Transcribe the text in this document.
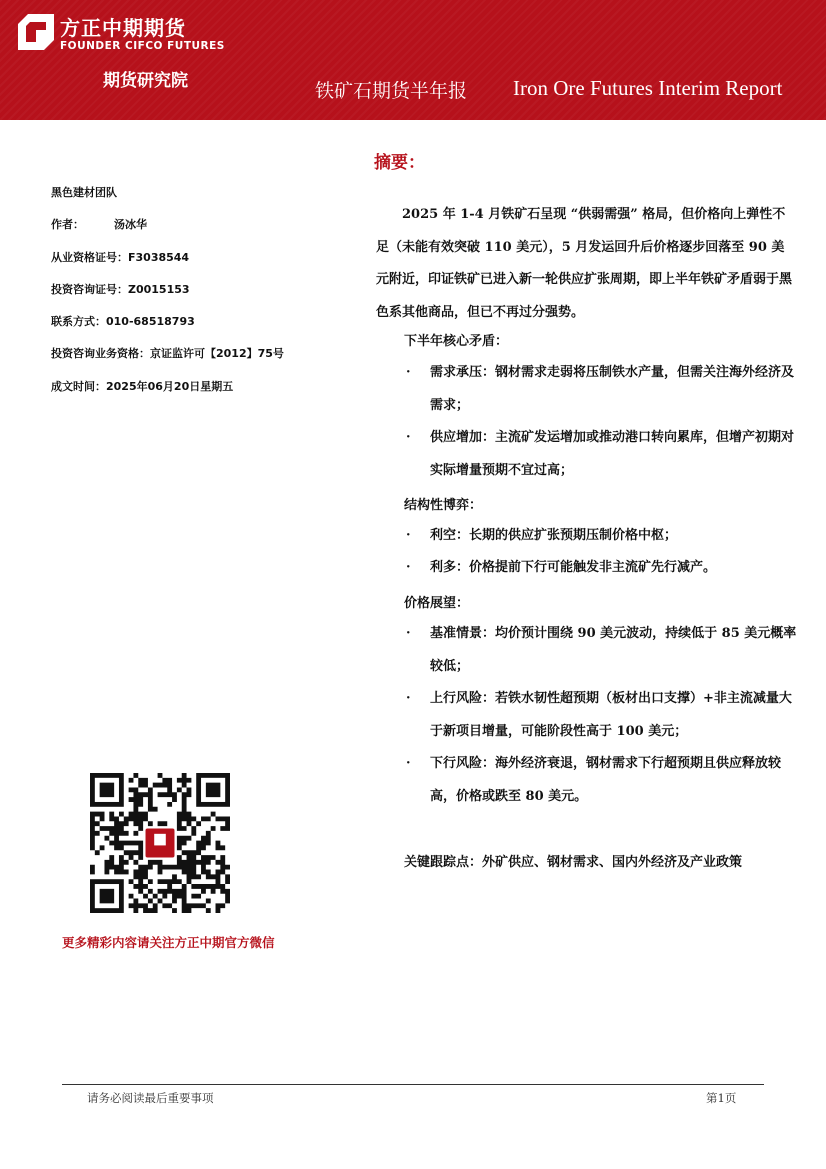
方正中期期货
FOUNDER CIFCO FUTURES
期货研究院	铁矿石期货半年报 Iron Ore Futures Interim Report
黑色建材团队
作者：	汤冰华
从业资格证号：F3038544
投资咨询证号：Z0015153
联系方式：010-68518793
投资咨询业务资格：京证监许可【2012】75号
成文时间：2025年06月20日星期五
更多精彩内容请关注方正中期官方微信
摘要：
2025 年 1-4 月铁矿石呈现 “供弱需强” 格局，但价格向上弹性不足（未能有效突破 110 美元），5 月发运回升后价格逐步回落至 90 美元附近，印证铁矿已进入新一轮供应扩张周期，即上半年铁矿矛盾弱于黑色系其他商品，但已不再过分强势。
下半年核心矛盾：
· 需求承压：钢材需求走弱将压制铁水产量，但需关注海外经济及需求；
· 供应增加：主流矿发运增加或推动港口转向累库，但增产初期对实际增量预期不宜过高；
结构性博弈：
· 利空：长期的供应扩张预期压制价格中枢；
· 利多：价格提前下行可能触发非主流矿先行减产。
价格展望：
· 基准情景：均价预计围绕 90 美元波动，持续低于 85 美元概率较低；
· 上行风险：若铁水韧性超预期（板材出口支撑）+非主流减量大于新项目增量，可能阶段性高于 100 美元；
· 下行风险：海外经济衰退，钢材需求下行超预期且供应释放较高，价格或跌至 80 美元。
关键跟踪点：外矿供应、钢材需求、国内外经济及产业政策
请务必阅读最后重要事项	第1页
